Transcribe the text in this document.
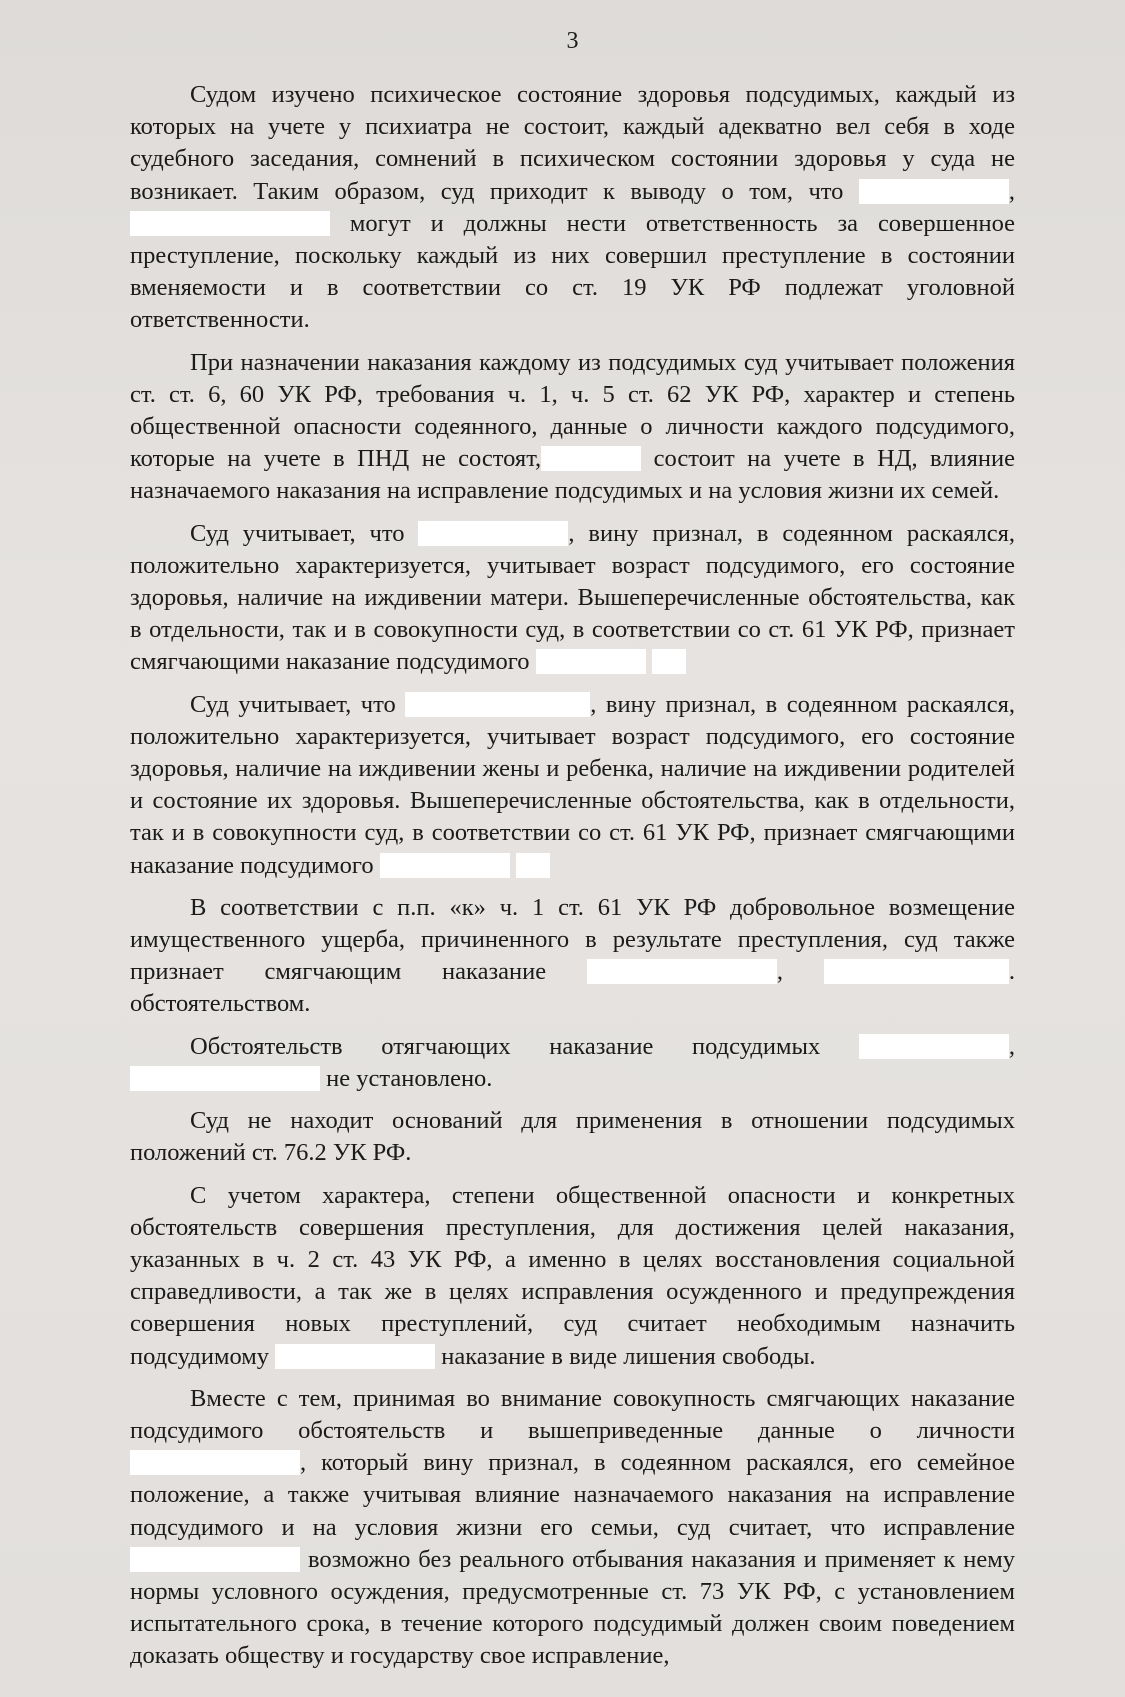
3

Судом изучено психическое состояние здоровья подсудимых, каждый из которых на учете у психиатра не состоит, каждый адекватно вел себя в ходе судебного заседания, сомнений в психическом состоянии здоровья у суда не возникает. Таким образом, суд приходит к выводу о том, что	,  могут и должны нести ответственность за совершенное преступление, поскольку каждый из них совершил преступление в состоянии вменяемости и в соответствии со ст. 19 УК РФ подлежат уголовной ответственности.

При назначении наказания каждому из подсудимых суд учитывает положения ст. ст. 6, 60 УК РФ, требования ч. 1, ч. 5 ст. 62 УК РФ, характер и степень общественной опасности содеянного, данные о личности каждого подсудимого, которые на учете в ПНД не состоят,	состоит на учете в НД, влияние назначаемого наказания на исправление подсудимых и на условия жизни их семей.

Суд учитывает, что	, вину признал, в содеянном раскаялся, положительно характеризуется, учитывает возраст подсудимого, его состояние здоровья, наличие на иждивении матери. Вышеперечисленные обстоятельства, как в отдельности, так и в совокупности суд, в соответствии со ст. 61 УК РФ, признает смягчающими наказание подсудимого

Суд учитывает, что	, вину признал, в содеянном раскаялся, положительно характеризуется, учитывает возраст подсудимого, его состояние здоровья, наличие на иждивении жены и ребенка, наличие на иждивении родителей и состояние их здоровья. Вышеперечисленные обстоятельства, как в отдельности, так и в совокупности суд, в соответствии со ст. 61 УК РФ, признает смягчающими наказание подсудимого

В соответствии с п.п. «к» ч. 1 ст. 61 УК РФ добровольное возмещение имущественного ущерба, причиненного в результате преступления, суд также признает смягчающим наказание	,	. обстоятельством.

Обстоятельств отягчающих наказание подсудимых	,  не установлено.

Суд не находит оснований для применения в отношении подсудимых положений ст. 76.2 УК РФ.

С учетом характера, степени общественной опасности и конкретных обстоятельств совершения преступления, для достижения целей наказания, указанных в ч. 2 ст. 43 УК РФ, а именно в целях восстановления социальной справедливости, а так же в целях исправления осужденного и предупреждения совершения новых преступлений, суд считает необходимым назначить подсудимому	наказание в виде лишения свободы.

Вместе с тем, принимая во внимание совокупность смягчающих наказание подсудимого обстоятельств и вышеприведенные данные о личности , который вину признал, в содеянном раскаялся, его семейное положение, а также учитывая влияние назначаемого наказания на исправление подсудимого и на условия жизни его семьи, суд считает, что исправление  возможно без реального отбывания наказания и применяет к нему нормы условного осуждения, предусмотренные ст. 73 УК РФ, с установлением испытательного срока, в течение которого подсудимый должен своим поведением доказать обществу и государству свое исправление,
